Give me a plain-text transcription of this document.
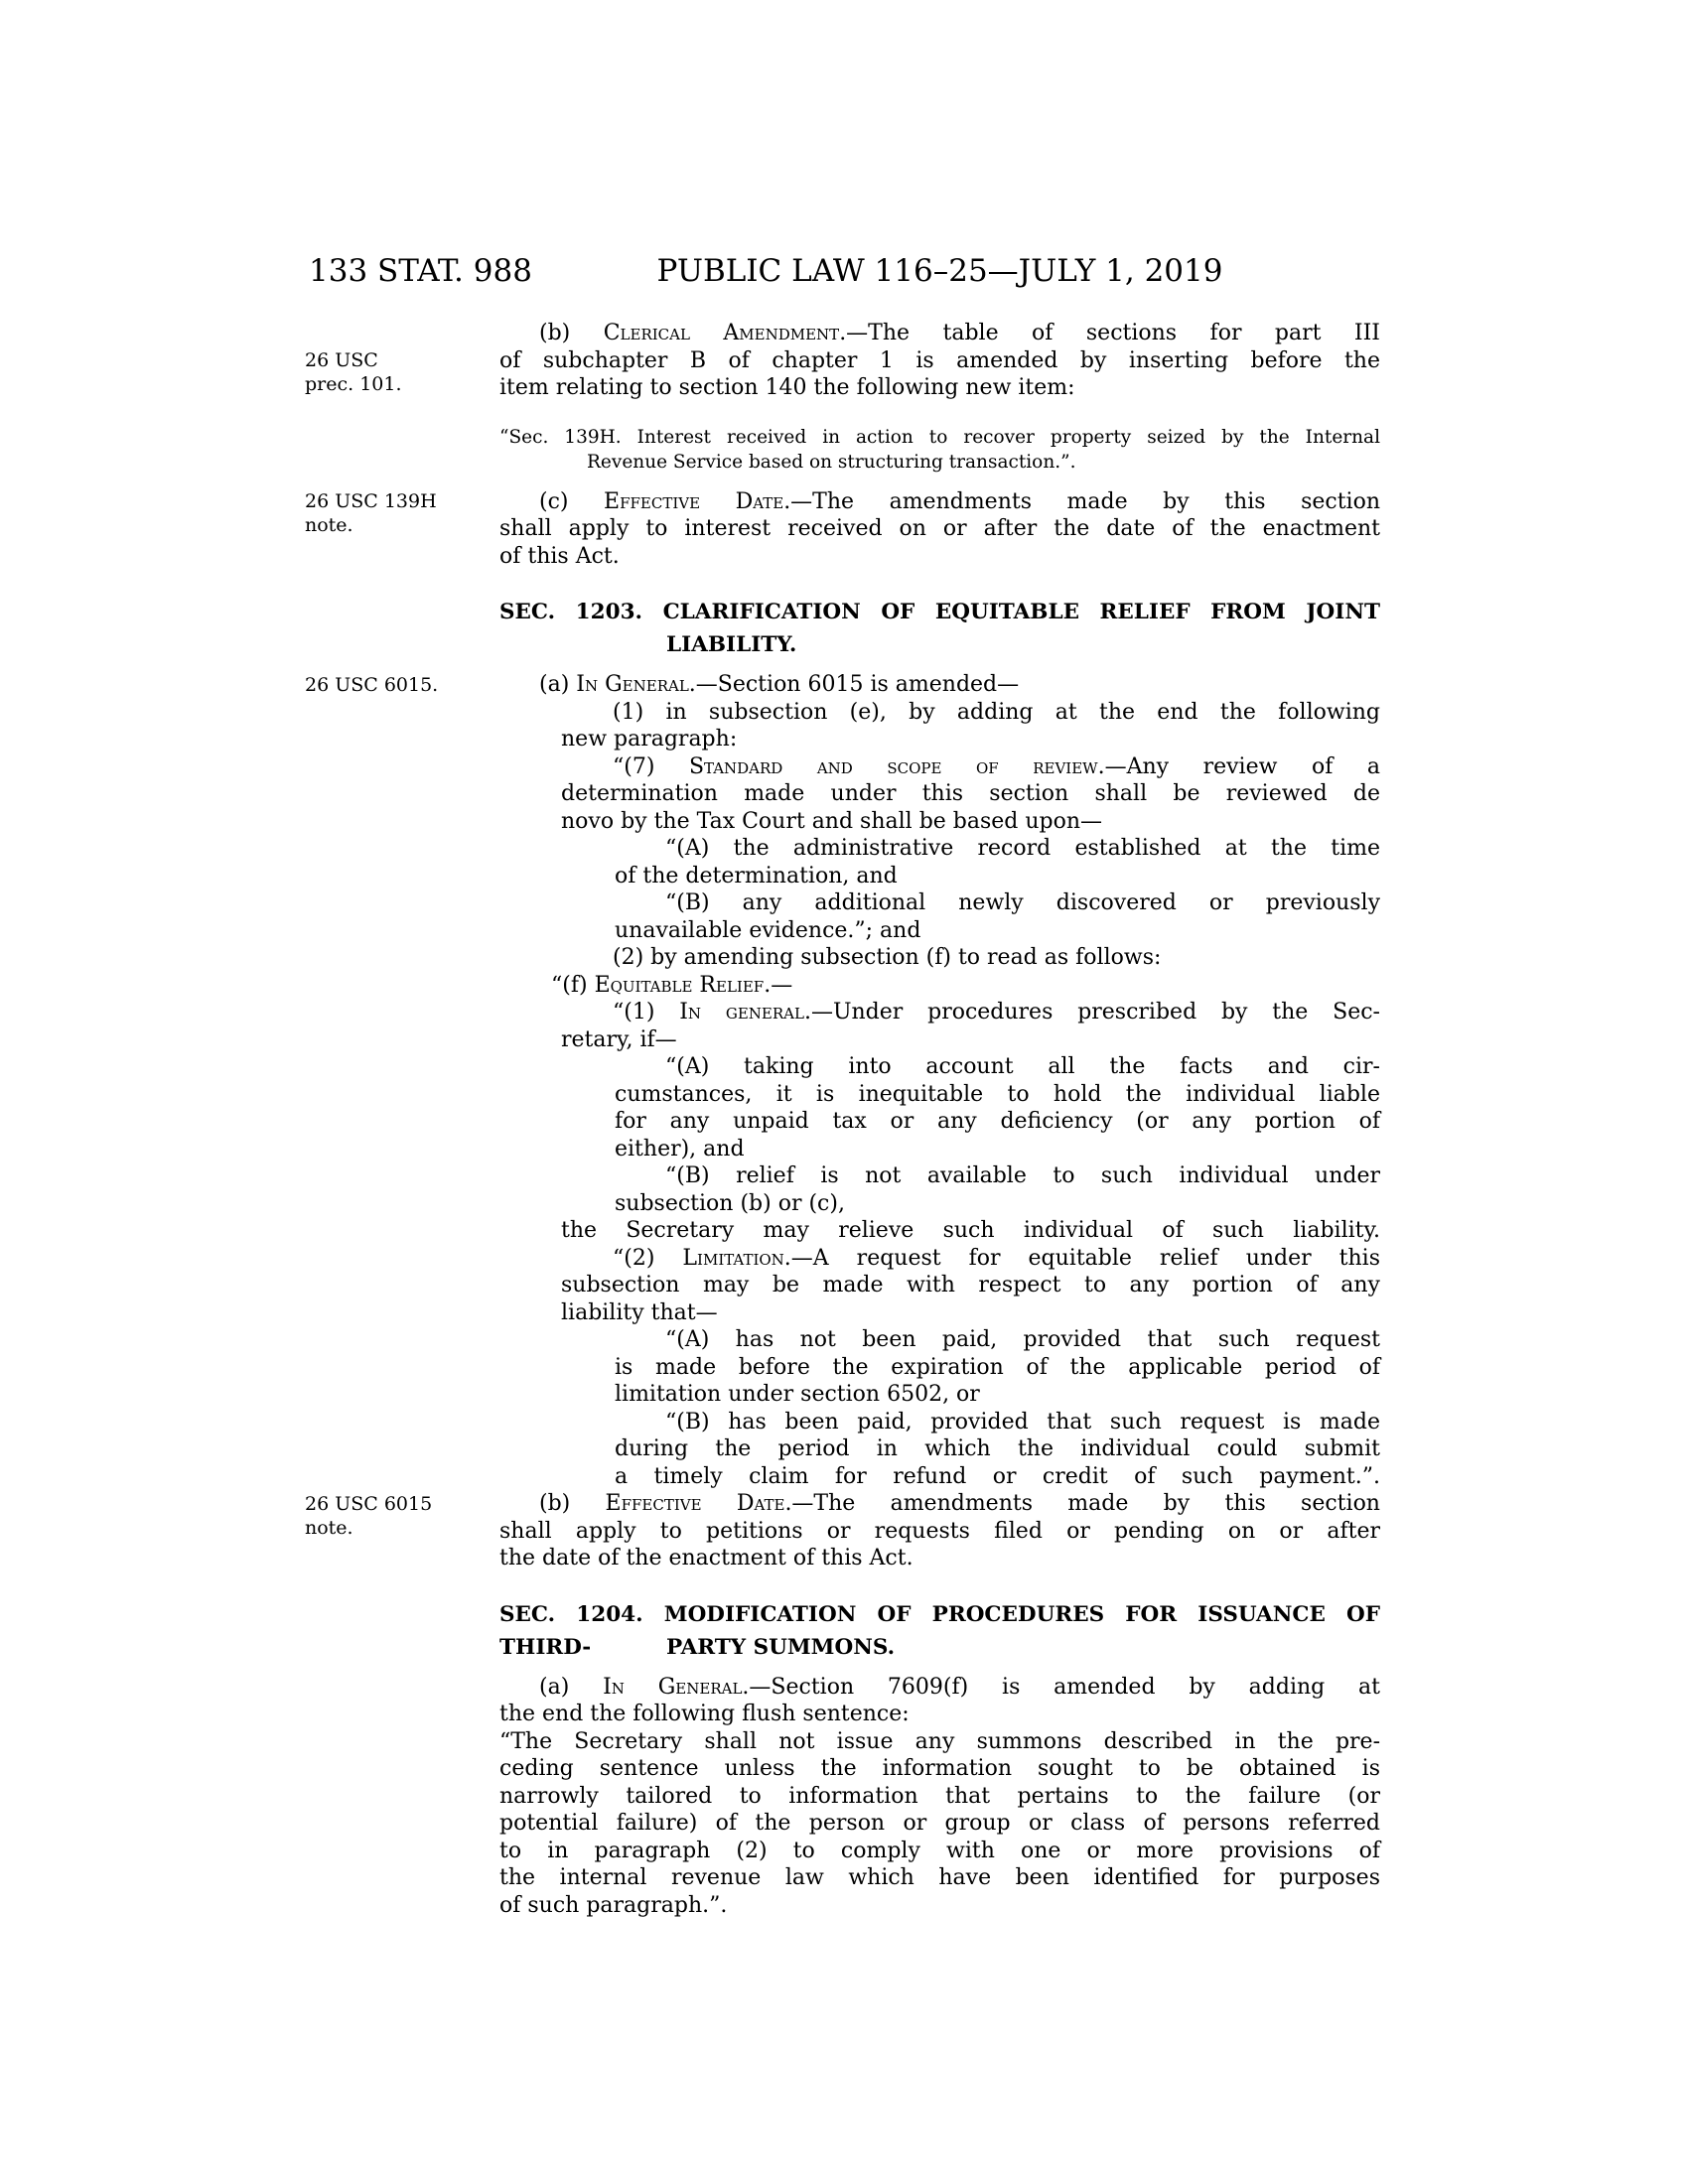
133 STAT. 988	PUBLIC LAW 116–25—JULY 1, 2019
26 USC
prec. 101.
26 USC 139H
note.
26 USC 6015.
26 USC 6015
note.
(b) Clerical Amendment.—The table of sections for part III
of subchapter B of chapter 1 is amended by inserting before the
item relating to section 140 the following new item:
“Sec. 139H. Interest received in action to recover property seized by the Internal
Revenue Service based on structuring transaction.”.
(c) Effective Date.—The amendments made by this section
shall apply to interest received on or after the date of the enactment
of this Act.
SEC. 1203. CLARIFICATION OF EQUITABLE RELIEF FROM JOINT
LIABILITY.
(a) In General.—Section 6015 is amended—
(1) in subsection (e), by adding at the end the following
new paragraph:
“(7) Standard and scope of review.—Any review of a
determination made under this section shall be reviewed de
novo by the Tax Court and shall be based upon—
“(A) the administrative record established at the time
of the determination, and
“(B) any additional newly discovered or previously
unavailable evidence.”; and
(2) by amending subsection (f) to read as follows:
“(f) Equitable Relief.—
“(1) In general.—Under procedures prescribed by the Sec-
retary, if—
“(A) taking into account all the facts and cir-
cumstances, it is inequitable to hold the individual liable
for any unpaid tax or any deficiency (or any portion of
either), and
“(B) relief is not available to such individual under
subsection (b) or (c),
the Secretary may relieve such individual of such liability.
“(2) Limitation.—A request for equitable relief under this
subsection may be made with respect to any portion of any
liability that—
“(A) has not been paid, provided that such request
is made before the expiration of the applicable period of
limitation under section 6502, or
“(B) has been paid, provided that such request is made
during the period in which the individual could submit
a timely claim for refund or credit of such payment.”.
(b) Effective Date.—The amendments made by this section
shall apply to petitions or requests filed or pending on or after
the date of the enactment of this Act.
SEC. 1204. MODIFICATION OF PROCEDURES FOR ISSUANCE OF THIRD-	PARTY SUMMONS.
(a) In General.—Section 7609(f) is amended by adding at
the end the following flush sentence:
“The Secretary shall not issue any summons described in the pre-
ceding sentence unless the information sought to be obtained is
narrowly tailored to information that pertains to the failure (or
potential failure) of the person or group or class of persons referred
to in paragraph (2) to comply with one or more provisions of
the internal revenue law which have been identified for purposes
of such paragraph.”.
